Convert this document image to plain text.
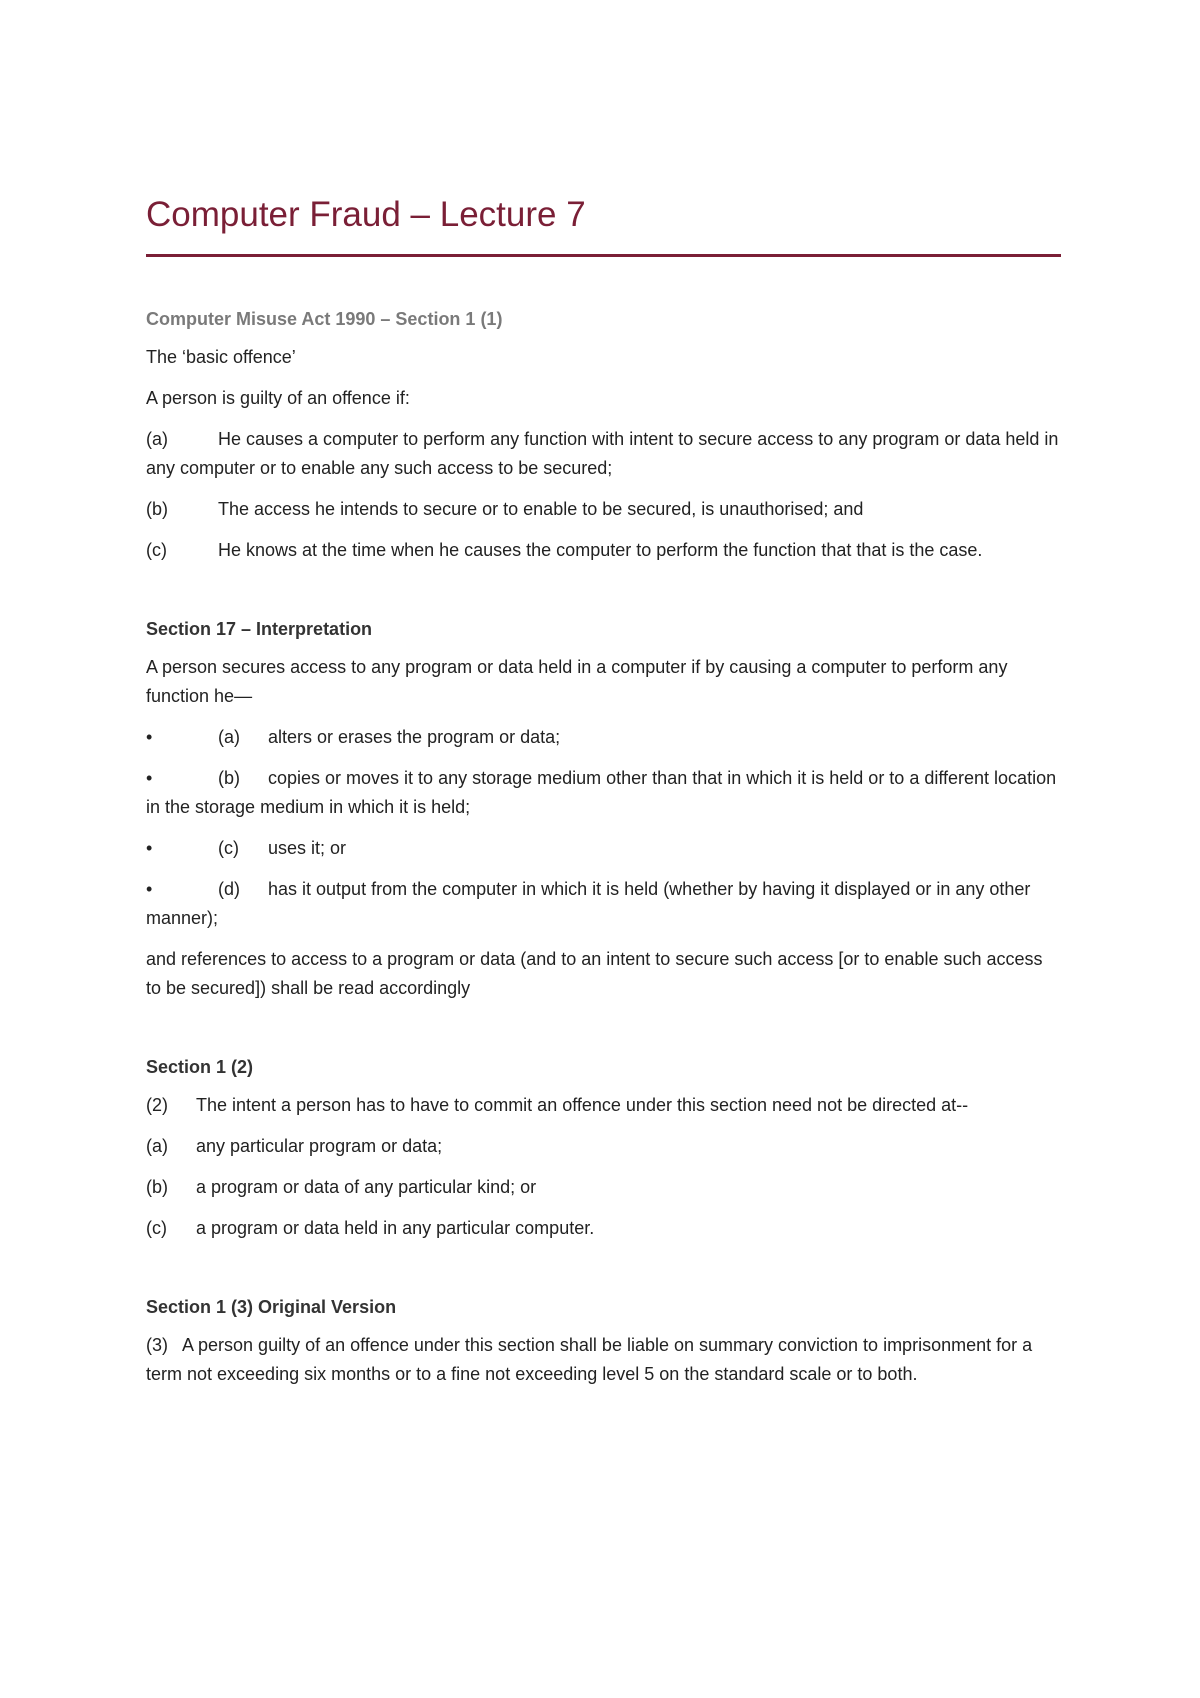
Computer Fraud – Lecture 7
Computer Misuse Act 1990 – Section 1 (1)
The ‘basic offence’
A person is guilty of an offence if:
(a)	He causes a computer to perform any function with intent to secure access to any program or data held in any computer or to enable any such access to be secured;
(b)	The access he intends to secure or to enable to be secured, is unauthorised; and
(c)	He knows at the time when he causes the computer to perform the function that that is the case.
Section 17 – Interpretation
A person secures access to any program or data held in a computer if by causing a computer to perform any function he—
•	(a) alters or erases the program or data;
•	(b) copies or moves it to any storage medium other than that in which it is held or to a different location in the storage medium in which it is held;
•	(c) uses it; or
•	(d) has it output from the computer in which it is held (whether by having it displayed or in any other manner);
and references to access to a program or data (and to an intent to secure such access [or to enable such access to be secured]) shall be read accordingly
Section 1 (2)
(2) The intent a person has to have to commit an offence under this section need not be directed at--
(a) any particular program or data;
(b) a program or data of any particular kind; or
(c) a program or data held in any particular computer.
Section 1 (3) Original Version
(3) A person guilty of an offence under this section shall be liable on summary conviction to imprisonment for a term not exceeding six months or to a fine not exceeding level 5 on the standard scale or to both.
